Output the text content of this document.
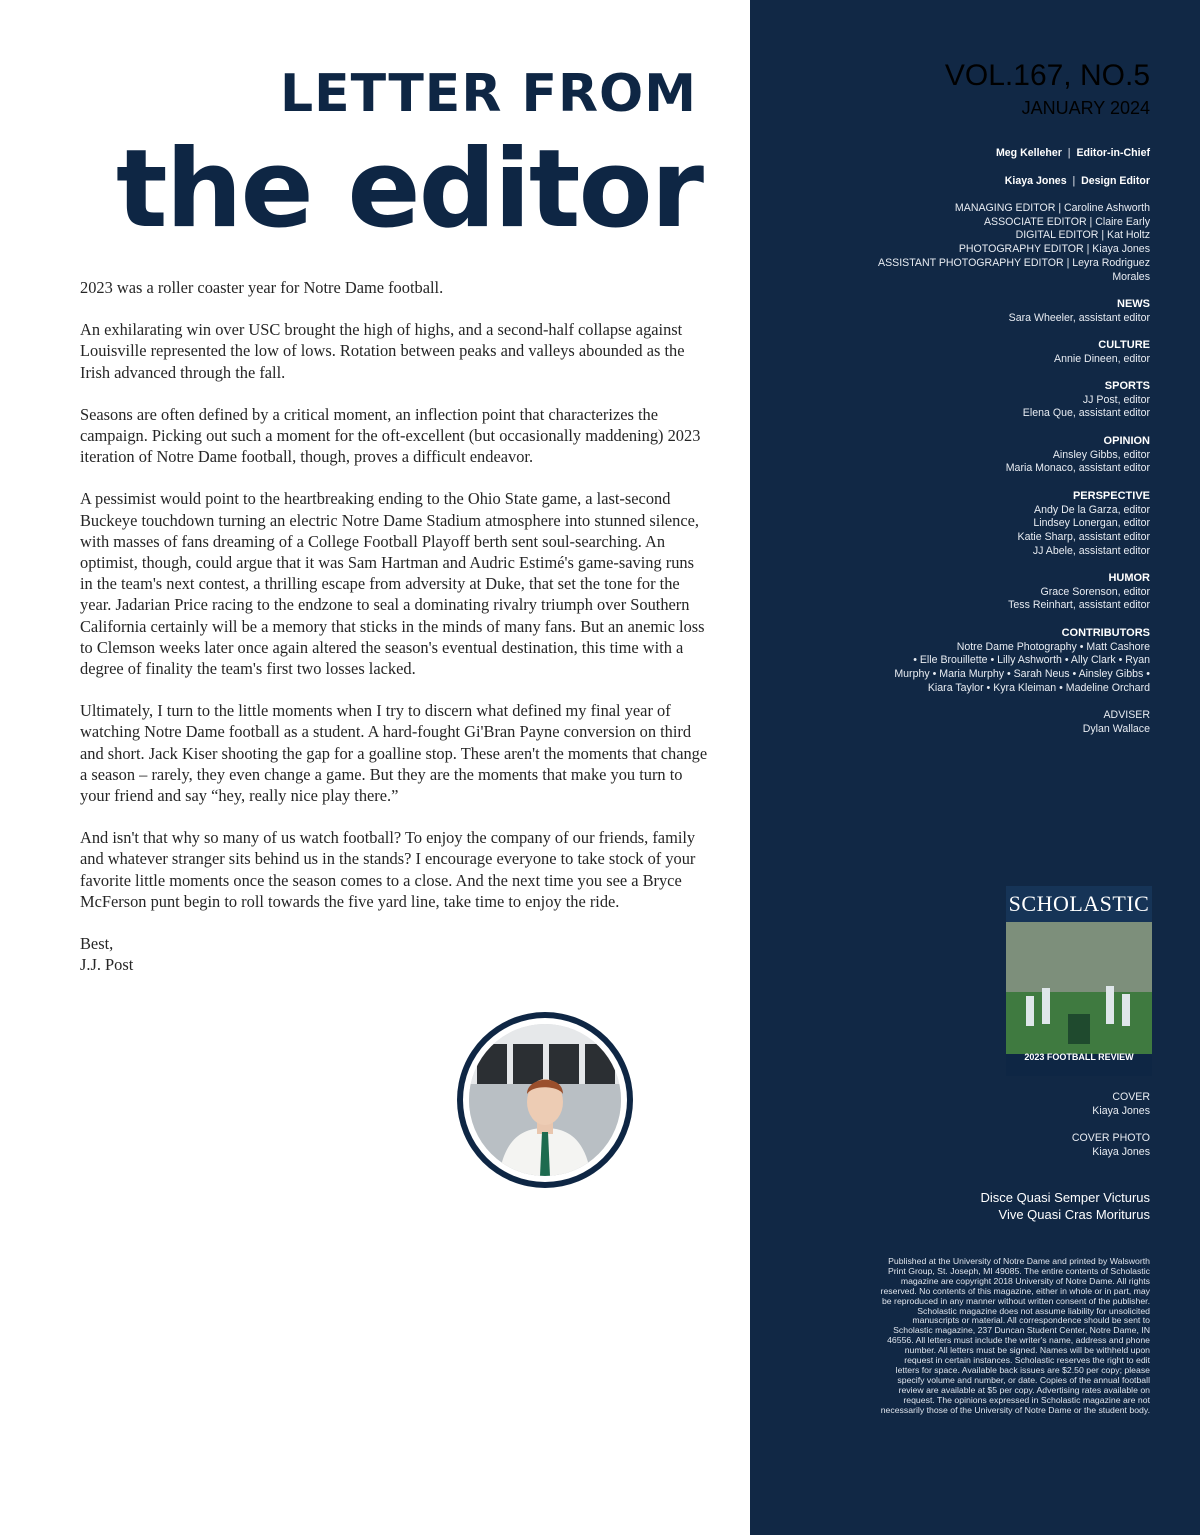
LETTER FROM
the editor

2023 was a roller coaster year for Notre Dame football.

An exhilarating win over USC brought the high of highs, and a second-half collapse against Louisville represented the low of lows. Rotation between peaks and valleys abounded as the Irish advanced through the fall.

Seasons are often defined by a critical moment, an inflection point that characterizes the campaign. Picking out such a moment for the oft-excellent (but occasionally maddening) 2023 iteration of Notre Dame football, though, proves a difficult endeavor.

A pessimist would point to the heartbreaking ending to the Ohio State game, a last-second Buckeye touchdown turning an electric Notre Dame Stadium atmosphere into stunned silence, with masses of fans dreaming of a College Football Playoff berth sent soul-searching. An optimist, though, could argue that it was Sam Hartman and Audric Estimé's game-saving runs in the team's next contest, a thrilling escape from adversity at Duke, that set the tone for the year. Jadarian Price racing to the endzone to seal a dominating rivalry triumph over Southern California certainly will be a memory that sticks in the minds of many fans. But an anemic loss to Clemson weeks later once again altered the season's eventual destination, this time with a degree of finality the team's first two losses lacked.

Ultimately, I turn to the little moments when I try to discern what defined my final year of watching Notre Dame football as a student. A hard-fought Gi'Bran Payne conversion on third and short. Jack Kiser shooting the gap for a goalline stop. These aren't the moments that change a season – rarely, they even change a game. But they are the moments that make you turn to your friend and say “hey, really nice play there.”

And isn't that why so many of us watch football? To enjoy the company of our friends, family and whatever stranger sits behind us in the stands? I encourage everyone to take stock of your favorite little moments once the season comes to a close. And the next time you see a Bryce McFerson punt begin to roll towards the five yard line, take time to enjoy the ride.

Best,
J.J. Post
VOL.167, NO.5
JANUARY 2024
Meg Kelleher  |  Editor-in-Chief
Kiaya Jones  |  Design Editor
MANAGING EDITOR | Caroline Ashworth
ASSOCIATE EDITOR | Claire Early
DIGITAL EDITOR | Kat Holtz
PHOTOGRAPHY EDITOR | Kiaya Jones
ASSISTANT PHOTOGRAPHY EDITOR | Leyra Rodriguez
Morales
NEWS
Sara Wheeler, assistant editor
CULTURE
Annie Dineen, editor
SPORTS
JJ Post, editor
Elena Que, assistant editor
OPINION
Ainsley Gibbs, editor
Maria Monaco, assistant editor
PERSPECTIVE
Andy De la Garza, editor
Lindsey Lonergan, editor
Katie Sharp, assistant editor
JJ Abele, assistant editor
HUMOR
Grace Sorenson, editor
Tess Reinhart, assistant editor
CONTRIBUTORS
Notre Dame Photography • Matt Cashore
• Elle Brouillette • Lilly Ashworth • Ally Clark • Ryan
Murphy • Maria Murphy • Sarah Neus • Ainsley Gibbs •
Kiara Taylor • Kyra Kleiman • Madeline Orchard
ADVISER
Dylan Wallace
SCHOLASTIC
2023 FOOTBALL REVIEW
COVER
Kiaya Jones
COVER PHOTO
Kiaya Jones
Disce Quasi Semper Victurus
Vive Quasi Cras Moriturus
Published at the University of Notre Dame and printed by Walsworth Print Group, St. Joseph, MI 49085. The entire contents of Scholastic magazine are copyright 2018 University of Notre Dame. All rights reserved. No contents of this magazine, either in whole or in part, may be reproduced in any manner without written consent of the publisher. Scholastic magazine does not assume liability for unsolicited manuscripts or material. All correspondence should be sent to Scholastic magazine, 237 Duncan Student Center, Notre Dame, IN 46556. All letters must include the writer's name, address and phone number. All letters must be signed. Names will be withheld upon request in certain instances. Scholastic reserves the right to edit letters for space. Available back issues are $2.50 per copy; please specify volume and number, or date. Copies of the annual football review are available at $5 per copy. Advertising rates available on request. The opinions expressed in Scholastic magazine are not necessarily those of the University of Notre Dame or the student body.
